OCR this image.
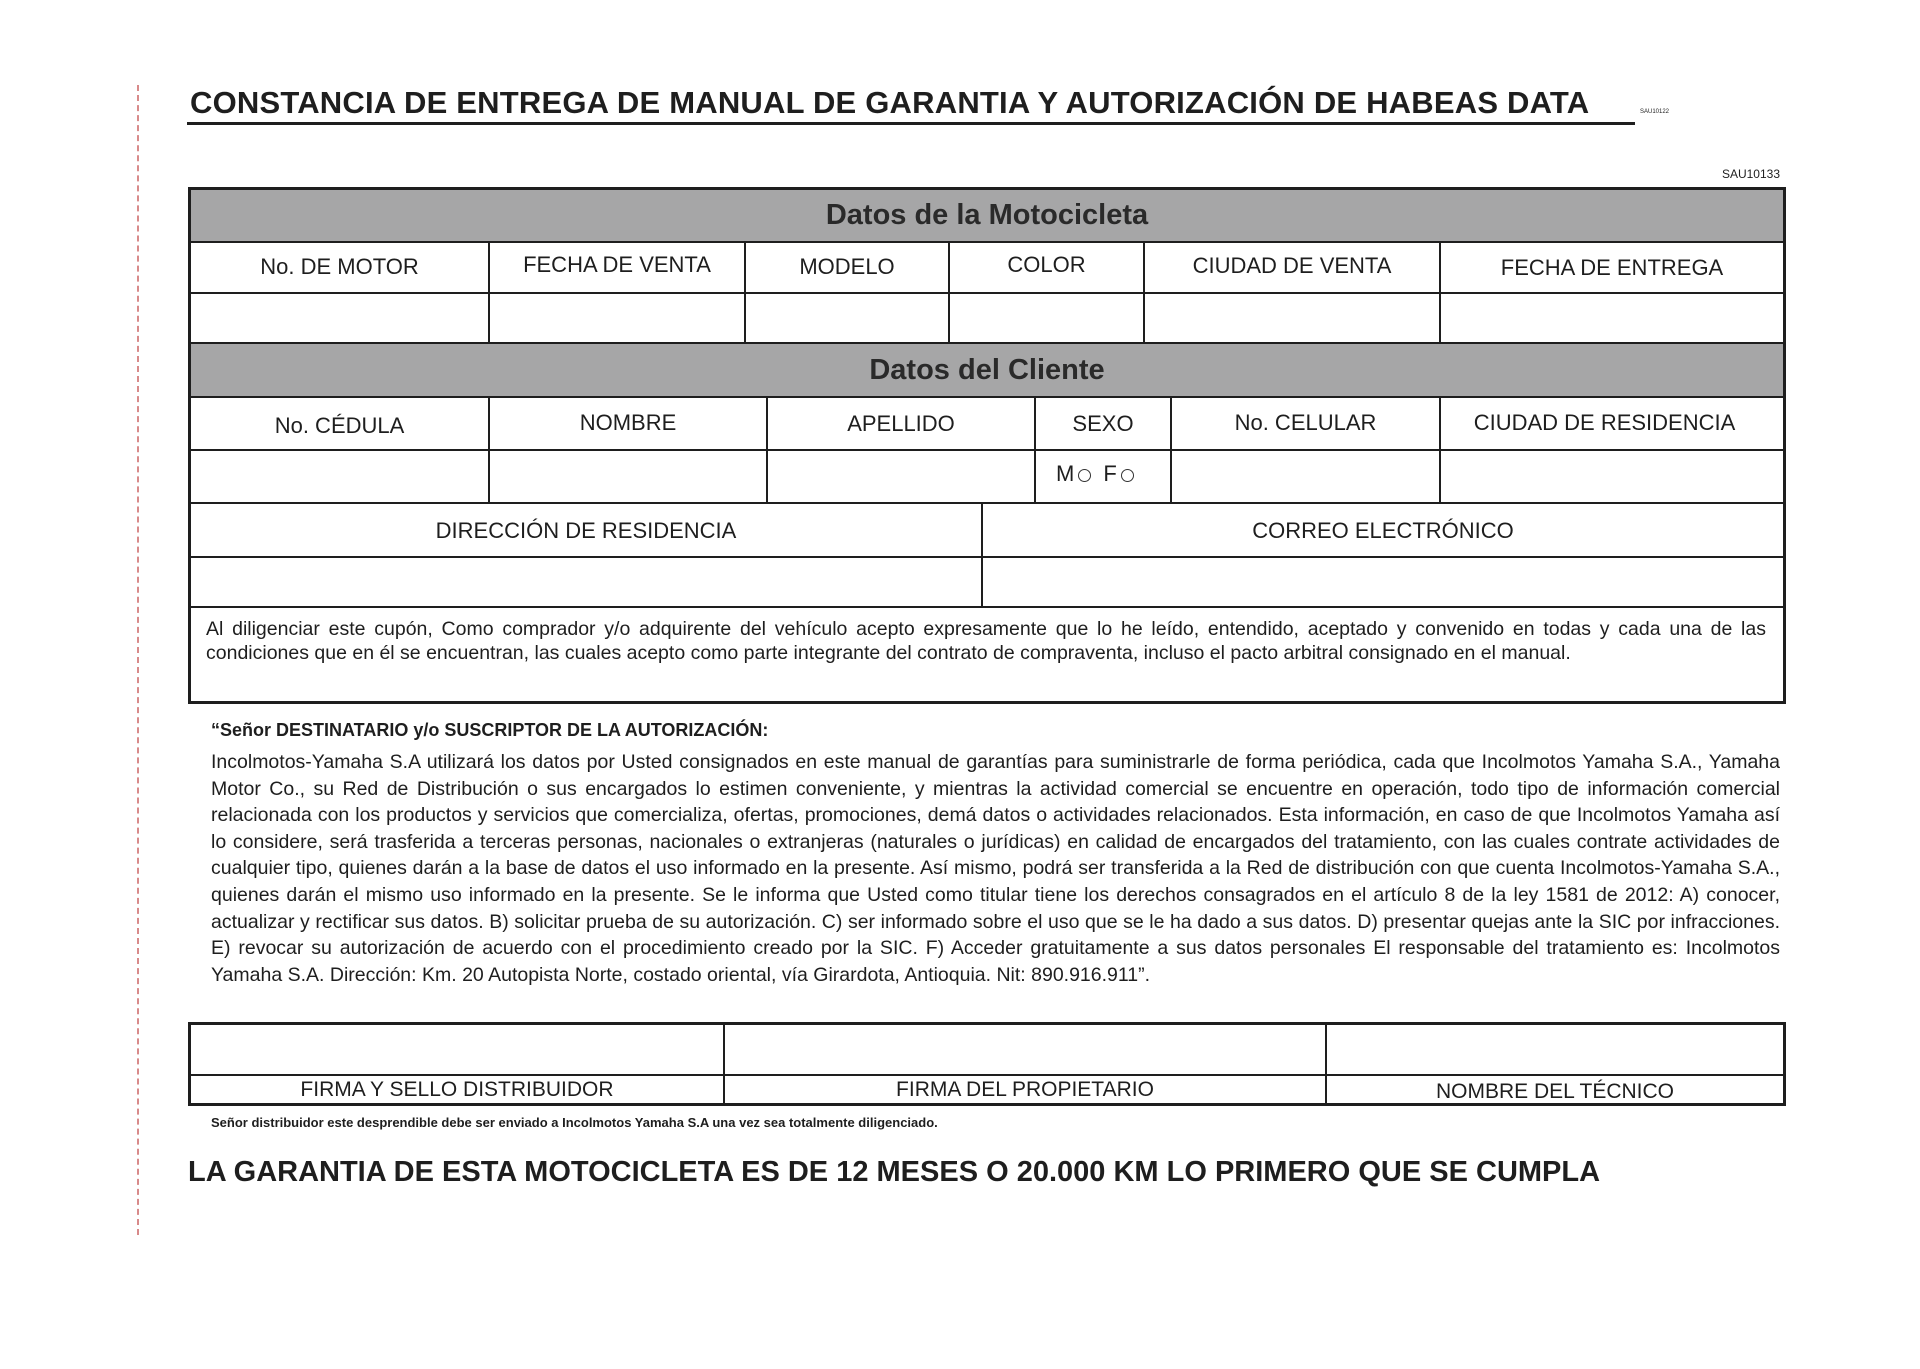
CONSTANCIA DE ENTREGA DE MANUAL DE GARANTIA Y AUTORIZACIÓN DE HABEAS DATA	SAU10122
SAU10133
Datos de la Motocicleta
No. DE MOTOR	FECHA DE VENTA	MODELO	COLOR	CIUDAD DE VENTA	FECHA DE ENTREGA
Datos del Cliente
No. CÉDULA	NOMBRE	APELLIDO	SEXO	No. CELULAR	CIUDAD DE RESIDENCIA
M F
DIRECCIÓN DE RESIDENCIA	CORREO ELECTRÓNICO
Al diligenciar este cupón, Como comprador y/o adquirente del vehículo acepto expresamente que lo he leído, entendido, aceptado y convenido en todas y cada una de las condiciones que en él se encuentran, las cuales acepto como parte integrante del contrato de compraventa, incluso el pacto arbitral consignado en el manual.
“Señor DESTINATARIO y/o SUSCRIPTOR DE LA AUTORIZACIÓN:
Incolmotos-Yamaha S.A utilizará los datos por Usted consignados en este manual de garantías para suministrarle de forma periódica, cada que Incolmotos Yamaha S.A., Yamaha Motor Co., su Red de Distribución o sus encargados lo estimen conveniente, y mientras la actividad comercial se encuentre en operación, todo tipo de información comercial relacionada con los productos y servicios que comercializa, ofertas, promociones, demá datos o actividades relacionados. Esta información, en caso de que Incolmotos Yamaha así lo considere, será trasferida a terceras personas, nacionales o extranjeras (naturales o jurídicas) en calidad de encargados del tratamiento, con las cuales contrate actividades de cualquier tipo, quienes darán a la base de datos el uso informado en la presente. Así mismo, podrá ser transferida a la Red de distribución con que cuenta Incolmotos-Yamaha S.A., quienes darán el mismo uso informado en la presente. Se le informa que Usted como titular tiene los derechos consagrados en el artículo 8 de la ley 1581 de 2012: A) conocer, actualizar y rectificar sus datos. B) solicitar prueba de su autorización. C) ser informado sobre el uso que se le ha dado a sus datos. D) presentar quejas ante la SIC por infracciones. E) revocar su autorización de acuerdo con el procedimiento creado por la SIC. F) Acceder gratuitamente a sus datos personales El responsable del tratamiento es: Incolmotos Yamaha S.A. Dirección: Km. 20 Autopista Norte, costado oriental, vía Girardota, Antioquia. Nit: 890.916.911”.
FIRMA Y SELLO DISTRIBUIDOR	FIRMA DEL PROPIETARIO	NOMBRE DEL TÉCNICO
Señor distribuidor este desprendible debe ser enviado a Incolmotos Yamaha S.A una vez sea totalmente diligenciado.
LA GARANTIA DE ESTA MOTOCICLETA ES DE 12 MESES O 20.000 KM LO PRIMERO QUE SE CUMPLA
